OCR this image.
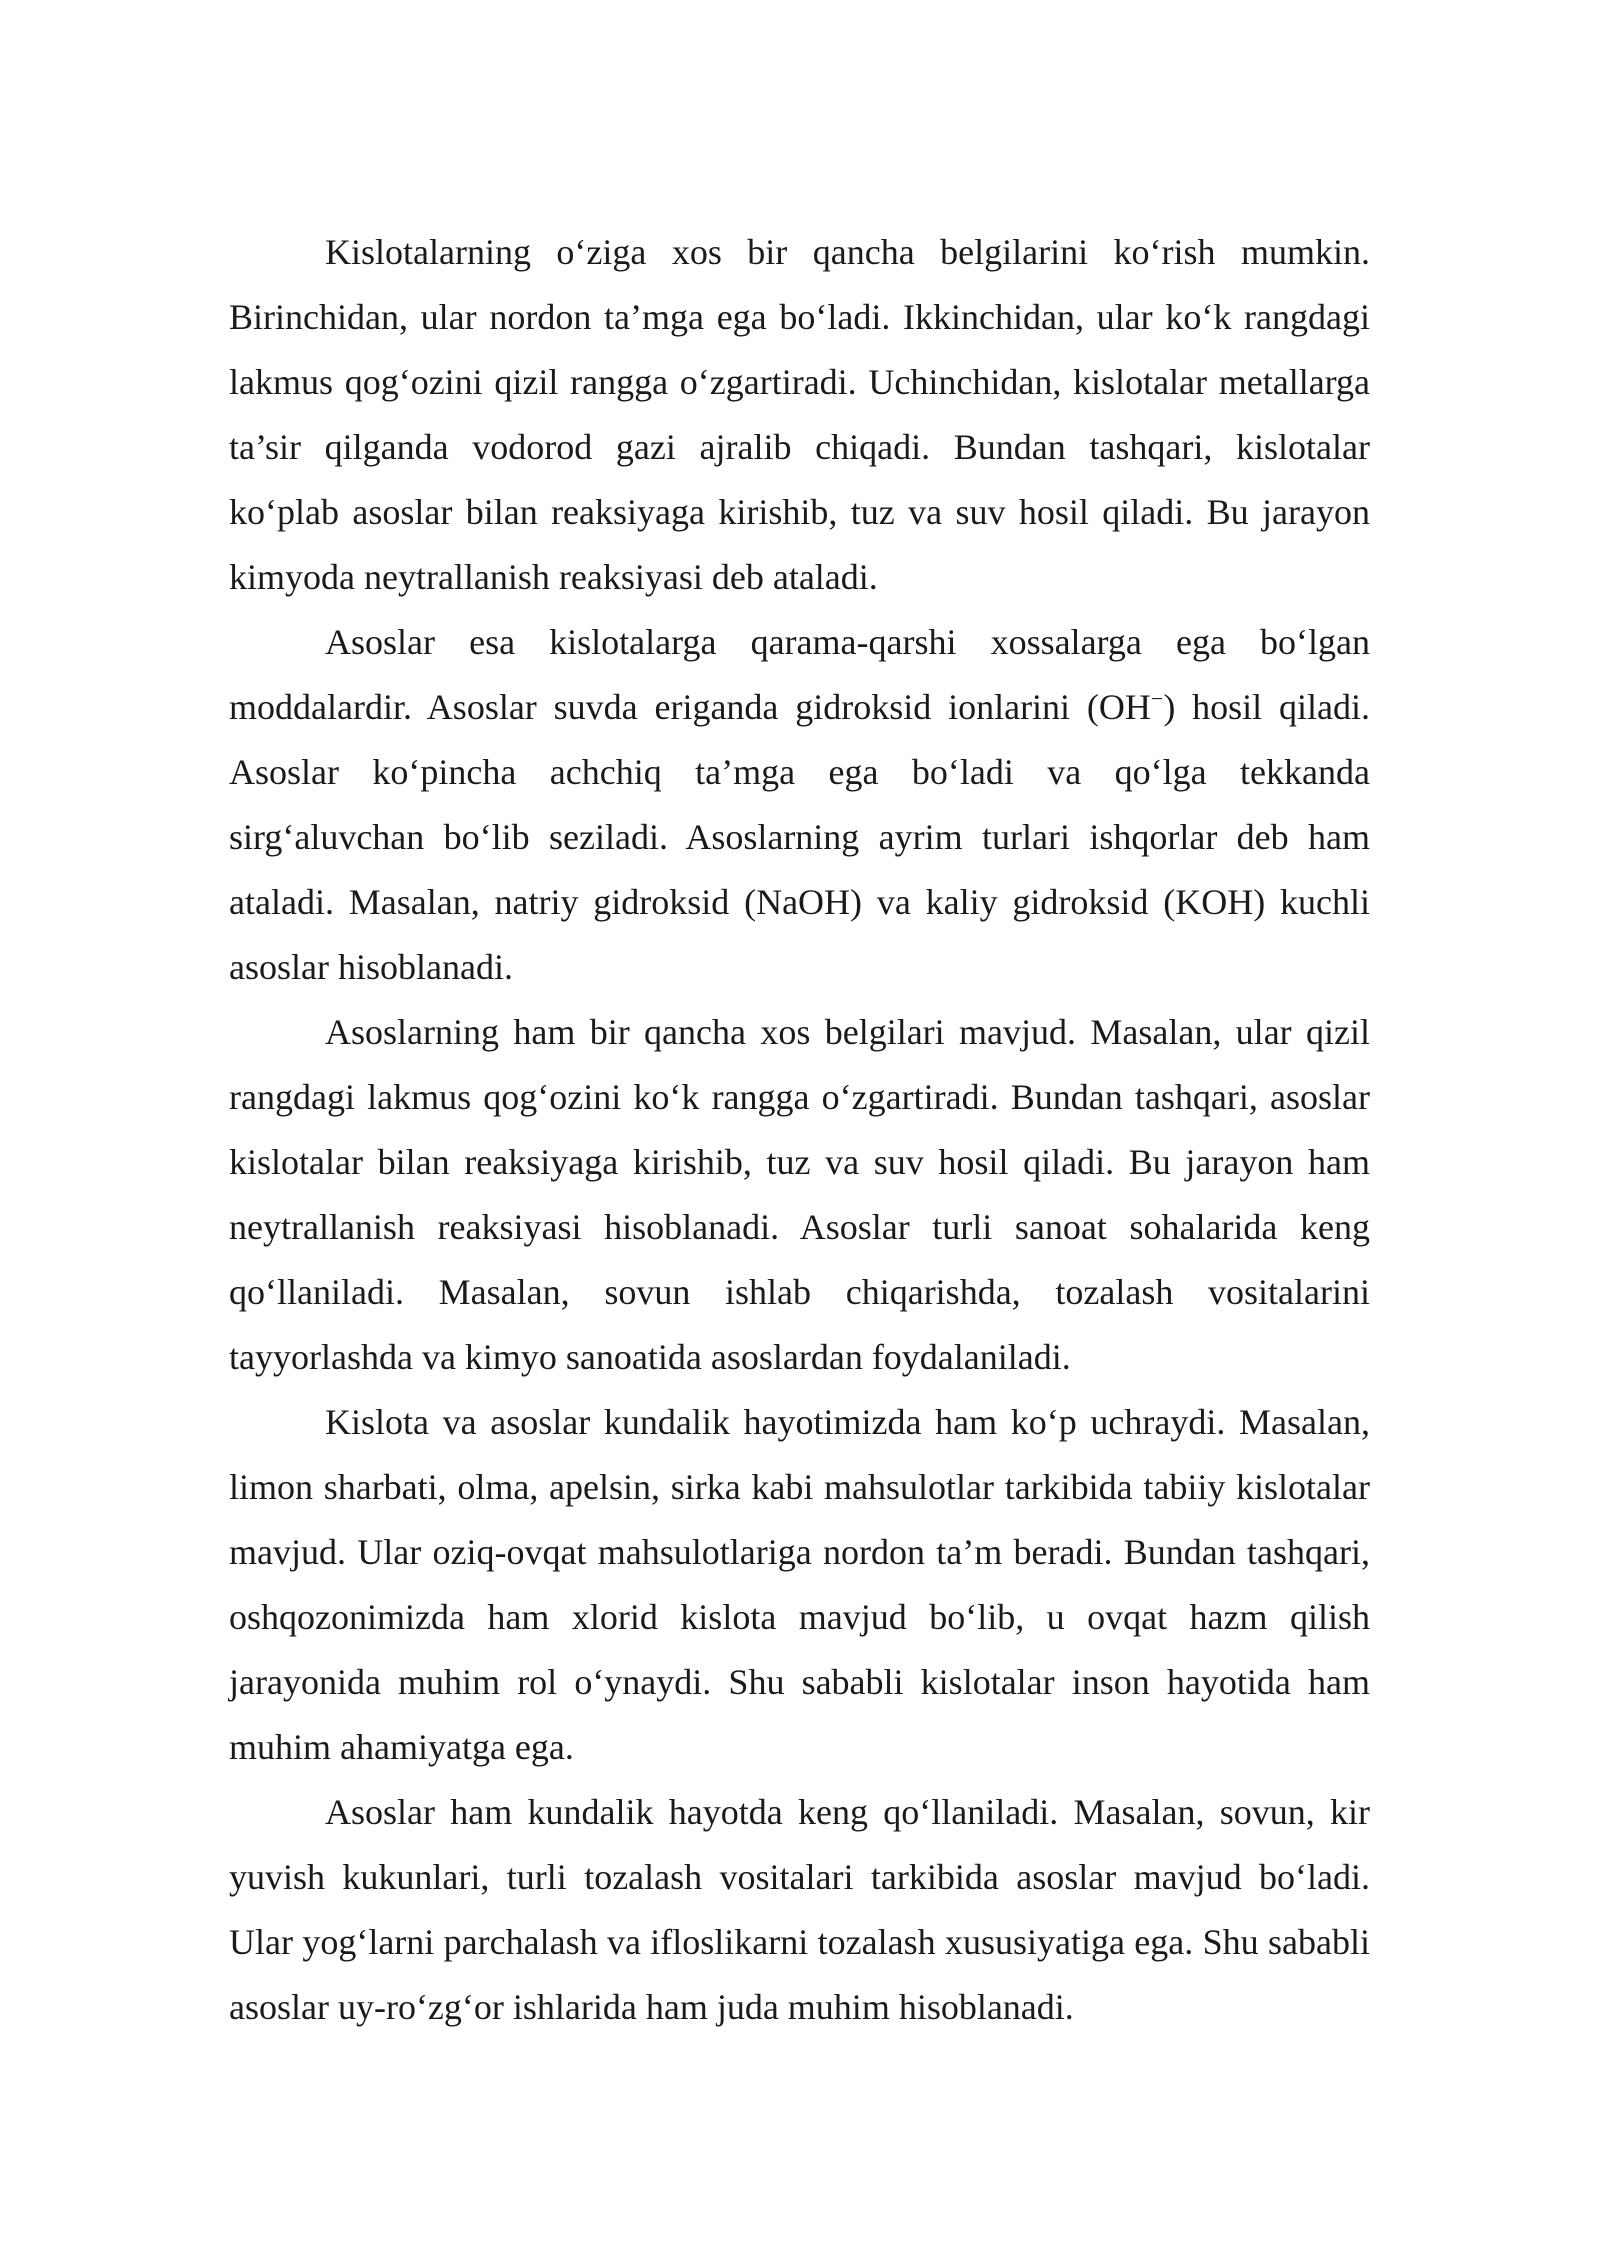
Kislotalarning o‘ziga xos bir qancha belgilarini ko‘rish mumkin. Birinchidan, ular nordon ta’mga ega bo‘ladi. Ikkinchidan, ular ko‘k rangdagi lakmus qog‘ozini qizil rangga o‘zgartiradi. Uchinchidan, kislotalar metallarga ta’sir qilganda vodorod gazi ajralib chiqadi. Bundan tashqari, kislotalar ko‘plab asoslar bilan reaksiyaga kirishib, tuz va suv hosil qiladi. Bu jarayon kimyoda neytrallanish reaksiyasi deb ataladi.

Asoslar esa kislotalarga qarama-qarshi xossalarga ega bo‘lgan moddalardir. Asoslar suvda eriganda gidroksid ionlarini (OH−) hosil qiladi. Asoslar ko‘pincha achchiq ta’mga ega bo‘ladi va qo‘lga tekkanda sirg‘aluvchan bo‘lib seziladi. Asoslarning ayrim turlari ishqorlar deb ham ataladi. Masalan, natriy gidroksid (NaOH) va kaliy gidroksid (KOH) kuchli asoslar hisoblanadi.

Asoslarning ham bir qancha xos belgilari mavjud. Masalan, ular qizil rangdagi lakmus qog‘ozini ko‘k rangga o‘zgartiradi. Bundan tashqari, asoslar kislotalar bilan reaksiyaga kirishib, tuz va suv hosil qiladi. Bu jarayon ham neytrallanish reaksiyasi hisoblanadi. Asoslar turli sanoat sohalarida keng qo‘llaniladi. Masalan, sovun ishlab chiqarishda, tozalash vositalarini tayyorlashda va kimyo sanoatida asoslardan foydalaniladi.

Kislota va asoslar kundalik hayotimizda ham ko‘p uchraydi. Masalan, limon sharbati, olma, apelsin, sirka kabi mahsulotlar tarkibida tabiiy kislotalar mavjud. Ular oziq-ovqat mahsulotlariga nordon ta’m beradi. Bundan tashqari, oshqozonimizda ham xlorid kislota mavjud bo‘lib, u ovqat hazm qilish jarayonida muhim rol o‘ynaydi. Shu sababli kislotalar inson hayotida ham muhim ahamiyatga ega.

Asoslar ham kundalik hayotda keng qo‘llaniladi. Masalan, sovun, kir yuvish kukunlari, turli tozalash vositalari tarkibida asoslar mavjud bo‘ladi. Ular yog‘larni parchalash va ifloslikarni tozalash xususiyatiga ega. Shu sababli asoslar uy-ro‘zg‘or ishlarida ham juda muhim hisoblanadi.
